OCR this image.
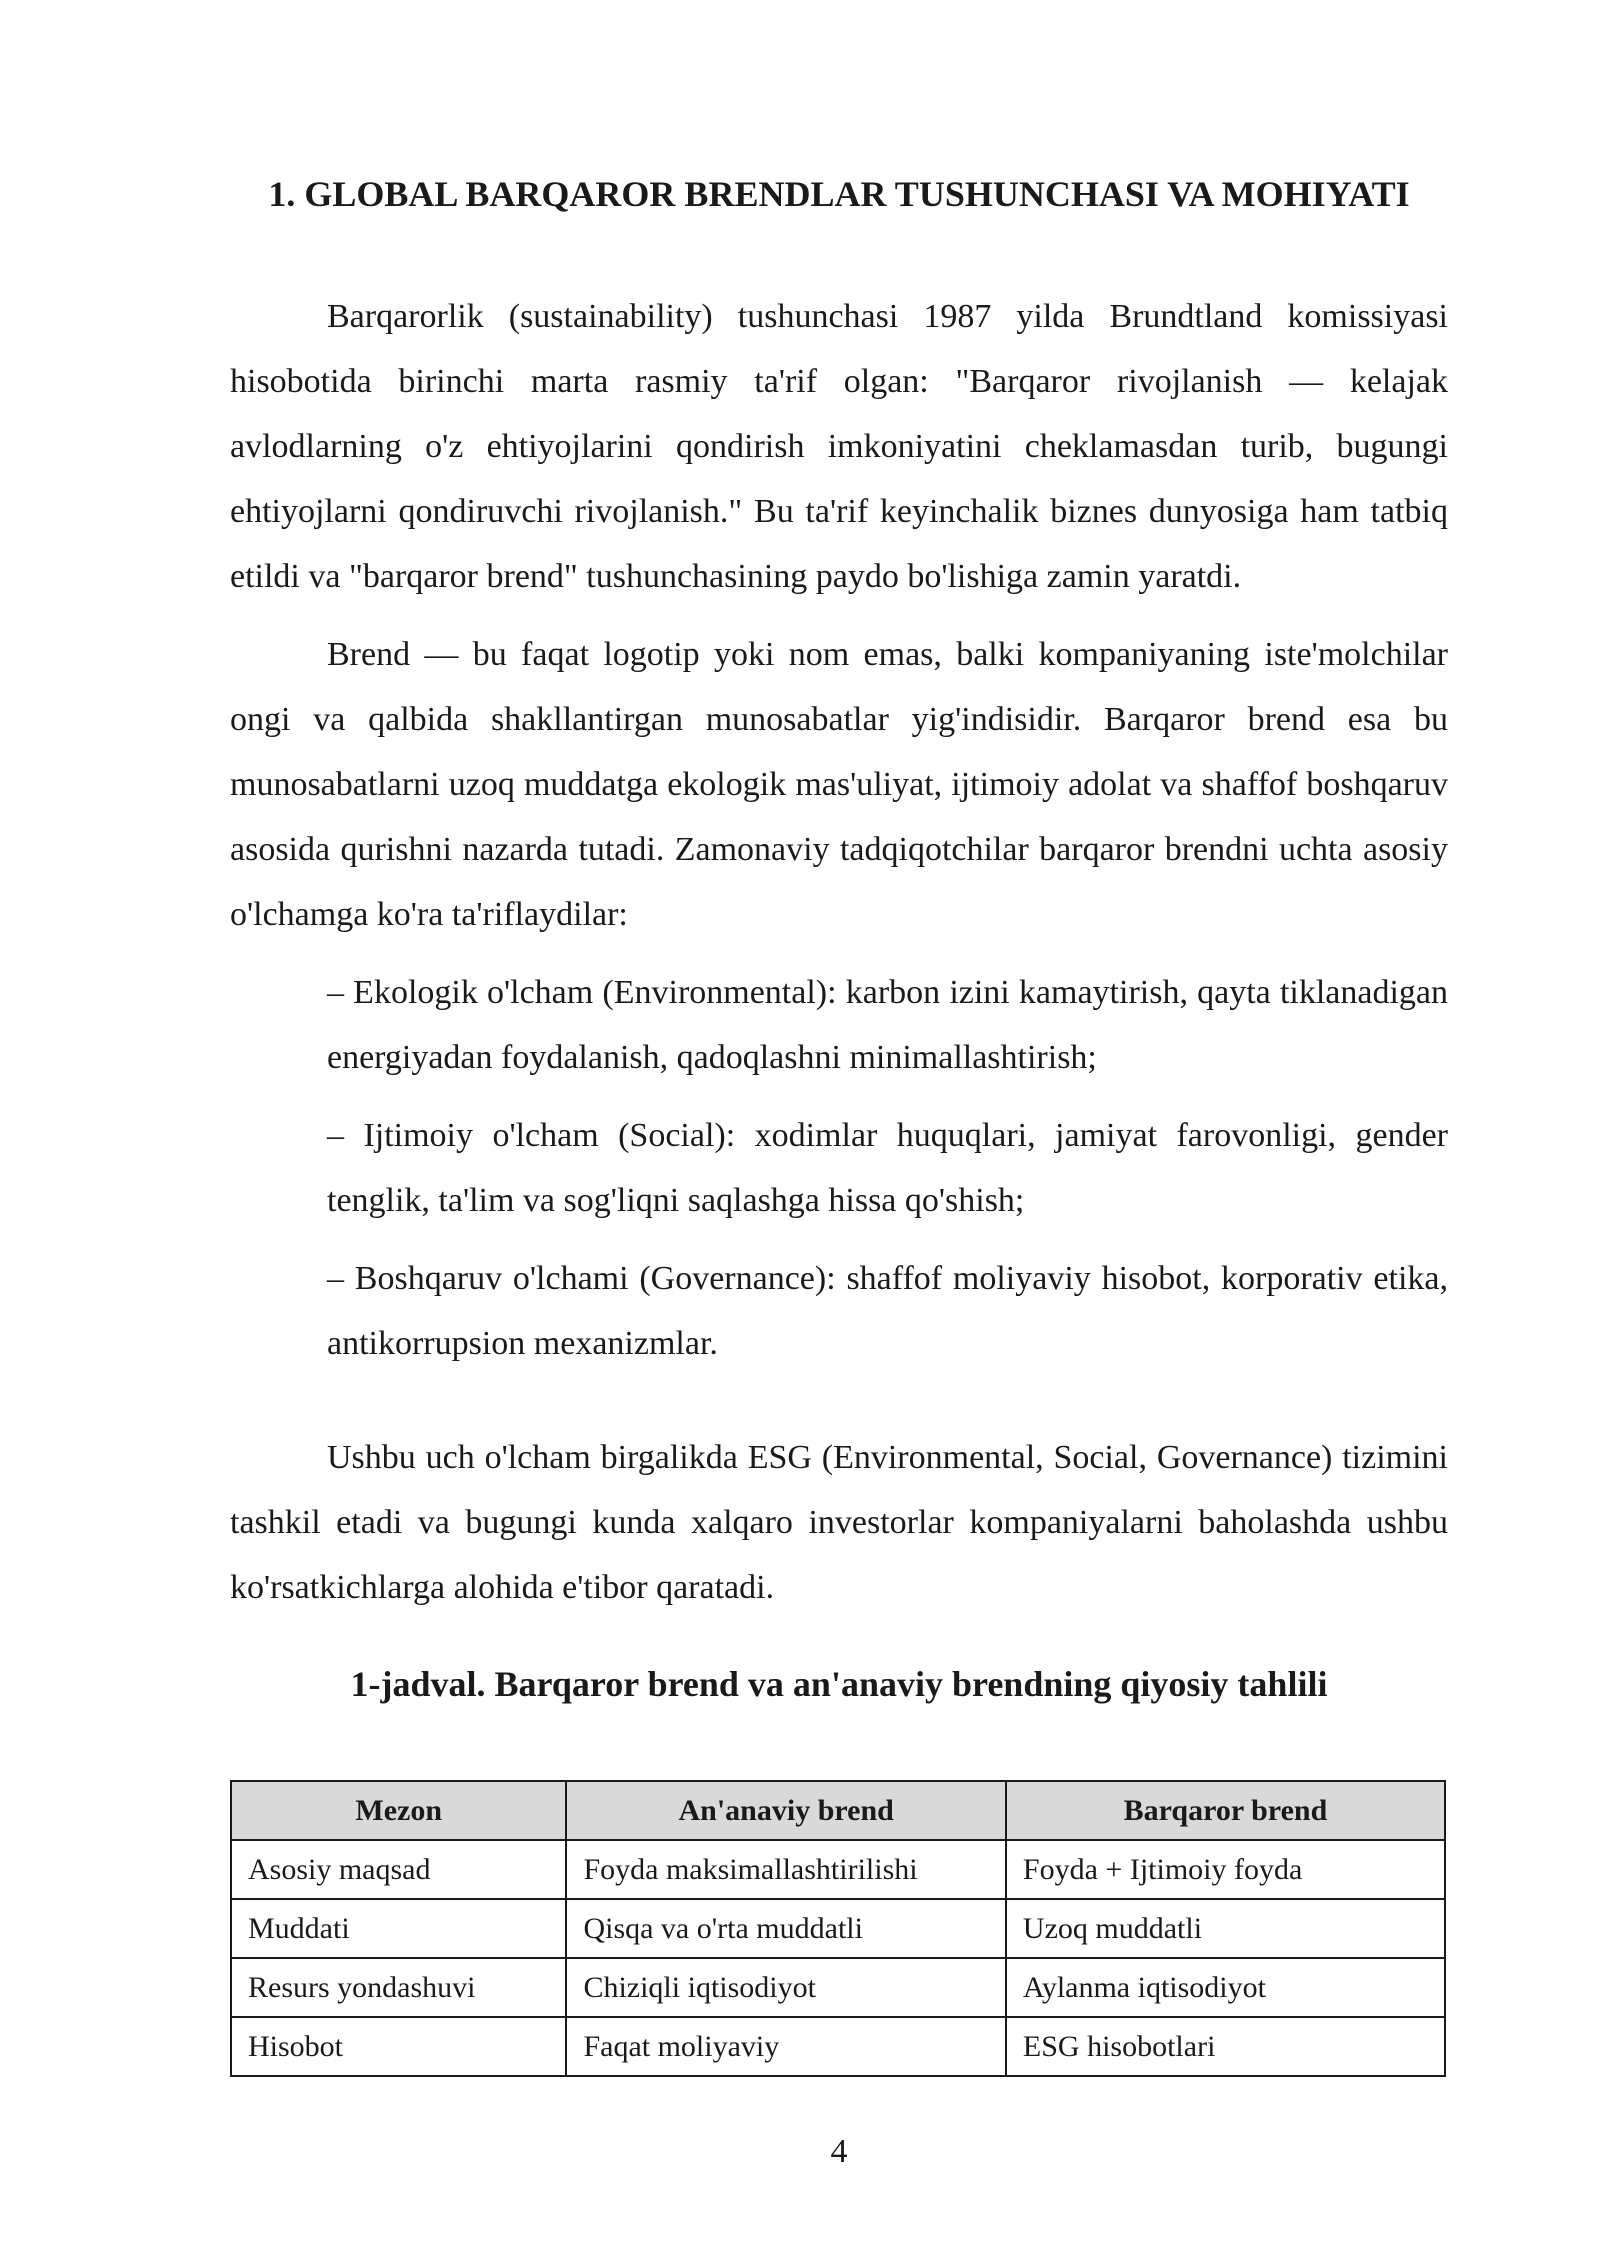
1. GLOBAL BARQAROR BRENDLAR TUSHUNCHASI VA MOHIYATI

Barqarorlik (sustainability) tushunchasi 1987 yilda Brundtland komissiyasi hisobotida birinchi marta rasmiy ta'rif olgan: "Barqaror rivojlanish — kelajak avlodlarning o'z ehtiyojlarini qondirish imkoniyatini cheklamasdan turib, bugungi ehtiyojlarni qondiruvchi rivojlanish." Bu ta'rif keyinchalik biznes dunyosiga ham tatbiq etildi va "barqaror brend" tushunchasining paydo bo'lishiga zamin yaratdi.

Brend — bu faqat logotip yoki nom emas, balki kompaniyaning iste'molchilar ongi va qalbida shakllantirgan munosabatlar yig'indisidir. Barqaror brend esa bu munosabatlarni uzoq muddatga ekologik mas'uliyat, ijtimoiy adolat va shaffof boshqaruv asosida qurishni nazarda tutadi. Zamonaviy tadqiqotchilar barqaror brendni uchta asosiy o'lchamga ko'ra ta'riflaydilar:

– Ekologik o'lcham (Environmental): karbon izini kamaytirish, qayta tiklanadigan energiyadan foydalanish, qadoqlashni minimallashtirish;

– Ijtimoiy o'lcham (Social): xodimlar huquqlari, jamiyat farovonligi, gender tenglik, ta'lim va sog'liqni saqlashga hissa qo'shish;

– Boshqaruv o'lchami (Governance): shaffof moliyaviy hisobot, korporativ etika, antikorrupsion mexanizmlar.

Ushbu uch o'lcham birgalikda ESG (Environmental, Social, Governance) tizimini tashkil etadi va bugungi kunda xalqaro investorlar kompaniyalarni baholashda ushbu ko'rsatkichlarga alohida e'tibor qaratadi.

1-jadval. Barqaror brend va an'anaviy brendning qiyosiy tahlili
Mezon	An'anaviy brend	Barqaror brend
Asosiy maqsad	Foyda maksimallashtirilishi	Foyda + Ijtimoiy foyda
Muddati	Qisqa va o'rta muddatli	Uzoq muddatli
Resurs yondashuvi	Chiziqli iqtisodiyot	Aylanma iqtisodiyot
Hisobot	Faqat moliyaviy	ESG hisobotlari

4
